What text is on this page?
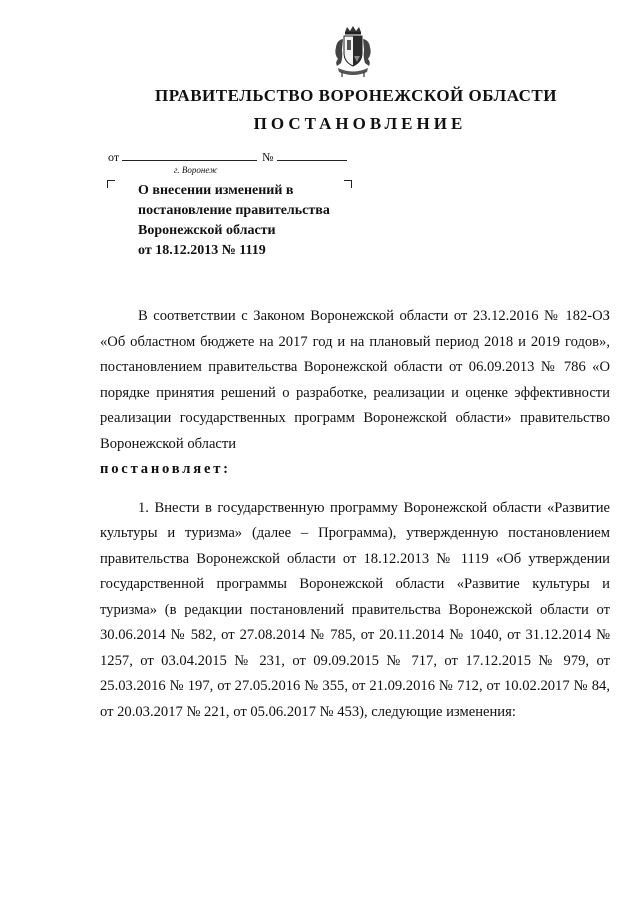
ПРАВИТЕЛЬСТВО ВОРОНЕЖСКОЙ ОБЛАСТИ
ПОСТАНОВЛЕНИЕ
от	№
г. Воронеж
О внесении изменений в
постановление правительства
Воронежской области
от 18.12.2013 № 1119

В соответствии с Законом Воронежской области от 23.12.2016 № 182-ОЗ «Об областном бюджете на 2017 год и на плановый период 2018 и 2019 годов», постановлением правительства Воронежской области от 06.09.2013 № 786 «О порядке принятия решений о разработке, реализации и оценке эффективности реализации государственных программ Воронежской области» правительство Воронежской области

постановляет:

1. Внести в государственную программу Воронежской области «Развитие культуры и туризма» (далее – Программа), утвержденную постановлением правительства Воронежской области от 18.12.2013 № 1119 «Об утверждении государственной программы Воронежской области «Развитие культуры и туризма» (в редакции постановлений правительства Воронежской области от 30.06.2014 № 582, от 27.08.2014 № 785, от 20.11.2014 № 1040, от 31.12.2014 № 1257, от 03.04.2015 № 231, от 09.09.2015 № 717, от 17.12.2015 № 979, от 25.03.2016 № 197, от 27.05.2016 № 355, от 21.09.2016 № 712, от 10.02.2017 № 84, от 20.03.2017 № 221, от 05.06.2017 № 453), следующие изменения:
